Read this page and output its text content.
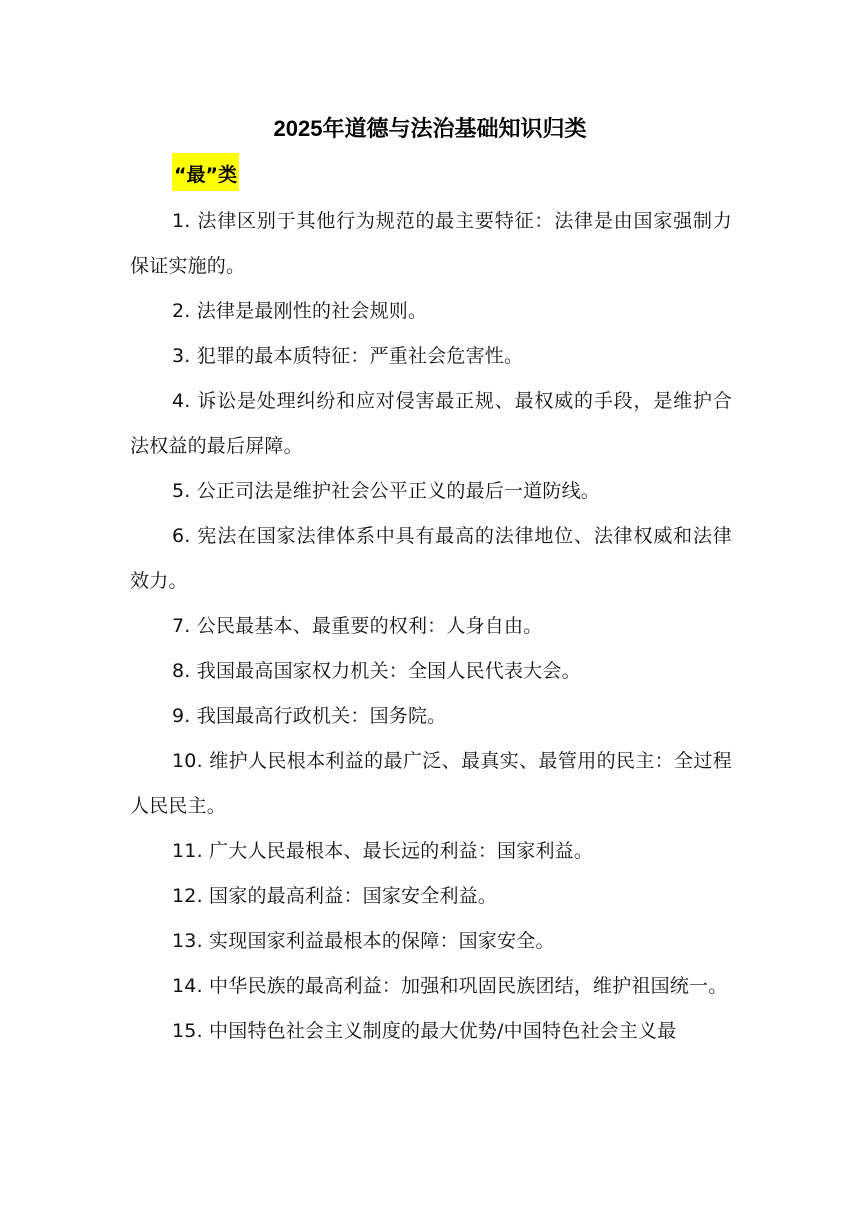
2025年道德与法治基础知识归类
“最”类

1. 法律区别于其他行为规范的最主要特征：法律是由国家强制力保证实施的。

2. 法律是最刚性的社会规则。

3. 犯罪的最本质特征：严重社会危害性。

4. 诉讼是处理纠纷和应对侵害最正规、最权威的手段，是维护合法权益的最后屏障。

5. 公正司法是维护社会公平正义的最后一道防线。

6. 宪法在国家法律体系中具有最高的法律地位、法律权威和法律效力。

7. 公民最基本、最重要的权利：人身自由。

8. 我国最高国家权力机关：全国人民代表大会。

9. 我国最高行政机关：国务院。

10. 维护人民根本利益的最广泛、最真实、最管用的民主：全过程人民民主。

11. 广大人民最根本、最长远的利益：国家利益。

12. 国家的最高利益：国家安全利益。

13. 实现国家利益最根本的保障：国家安全。

14. 中华民族的最高利益：加强和巩固民族团结，维护祖国统一。

15. 中国特色社会主义制度的最大优势/中国特色社会主义最
